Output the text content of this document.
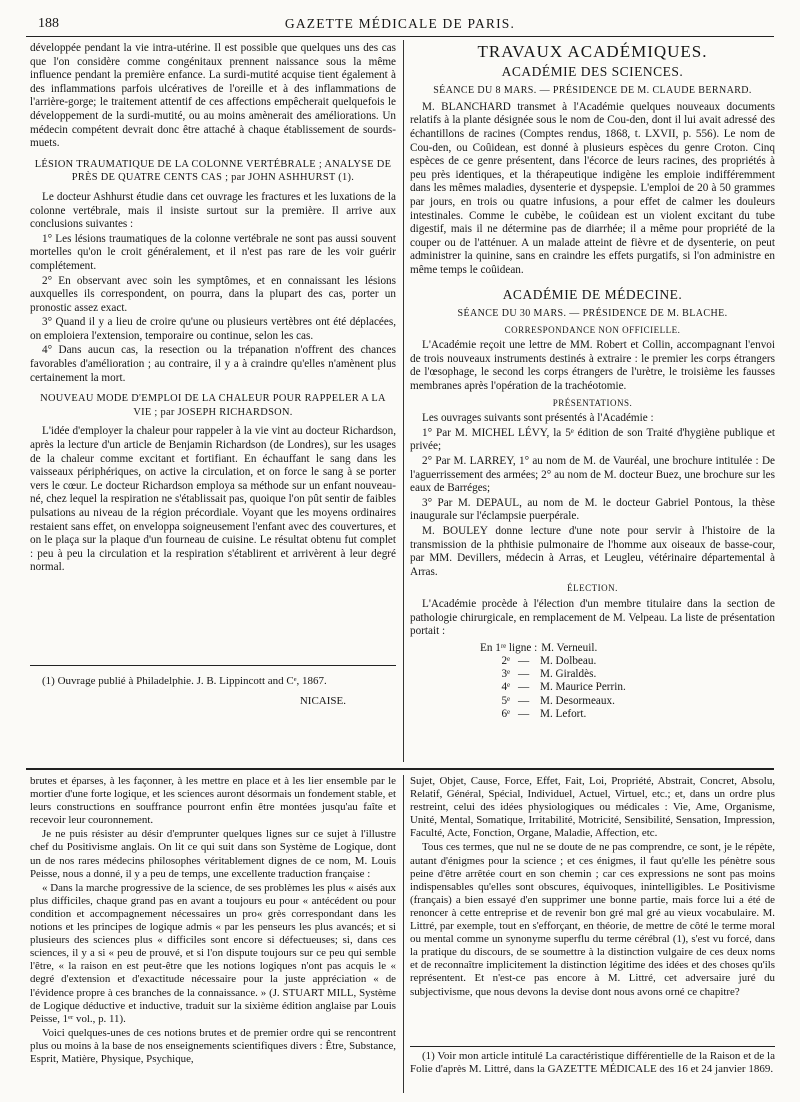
188	GAZETTE MÉDICALE DE PARIS.

développée pendant la vie intra-utérine. Il est possible que quelques uns des cas que l'on considère comme congénitaux prennent naissance sous la même influence pendant la première enfance. La surdi-mutité acquise tient également à des inflammations parfois ulcératives de l'oreille et à des inflammations de l'arrière-gorge; le traitement attentif de ces affections empêcherait quelquefois le développement de la surdi-mutité, ou au moins amènerait des améliorations. Un médecin compétent devrait donc être attaché à chaque établissement de sourds-muets.

LÉSION TRAUMATIQUE DE LA COLONNE VERTÉBRALE ; ANALYSE DE PRÈS DE QUATRE CENTS CAS ; par JOHN ASHHURST (1).

Le docteur Ashhurst étudie dans cet ouvrage les fractures et les luxations de la colonne vertébrale, mais il insiste surtout sur la première. Il arrive aux conclusions suivantes :

1° Les lésions traumatiques de la colonne vertébrale ne sont pas aussi souvent mortelles qu'on le croit généralement, et il n'est pas rare de les voir guérir complétement.

2° En observant avec soin les symptômes, et en connaissant les lésions auxquelles ils correspondent, on pourra, dans la plupart des cas, porter un pronostic assez exact.

3° Quand il y a lieu de croire qu'une ou plusieurs vertèbres ont été déplacées, on emploiera l'extension, temporaire ou continue, selon les cas.

4° Dans aucun cas, la resection ou la trépanation n'offrent des chances favorables d'amélioration ; au contraire, il y a à craindre qu'elles n'amènent plus certainement la mort.

NOUVEAU MODE D'EMPLOI DE LA CHALEUR POUR RAPPELER A LA VIE ; par JOSEPH RICHARDSON.

L'idée d'employer la chaleur pour rappeler à la vie vint au docteur Richardson, après la lecture d'un article de Benjamin Richardson (de Londres), sur les usages de la chaleur comme excitant et fortifiant. En échauffant le sang dans les vaisseaux périphériques, on active la circulation, et on force le sang à se porter vers le cœur. Le docteur Richardson employa sa méthode sur un enfant nouveau-né, chez lequel la respiration ne s'établissait pas, quoique l'on pût sentir de faibles pulsations au niveau de la région précordiale. Voyant que les moyens ordinaires restaient sans effet, on enveloppa soigneusement l'enfant avec des couvertures, et on le plaça sur la plaque d'un fourneau de cuisine. Le résultat obtenu fut complet : peu à peu la circulation et la respiration s'établirent et arrivèrent à leur degré normal.

(1) Ouvrage publié à Philadelphie. J. B. Lippincott and Cᵉ, 1867.

NICAISE.

TRAVAUX ACADÉMIQUES.

ACADÉMIE DES SCIENCES.

SÉANCE DU 8 MARS. — PRÉSIDENCE DE M. CLAUDE BERNARD.

M. BLANCHARD transmet à l'Académie quelques nouveaux documents relatifs à la plante désignée sous le nom de Cou-den, dont il lui avait adressé des échantillons de racines (Comptes rendus, 1868, t. LXVII, p. 556). Le nom de Cou-den, ou Coûidean, est donné à plusieurs espèces du genre Croton. Cinq espèces de ce genre présentent, dans l'écorce de leurs racines, des propriétés à peu près identiques, et la thérapeutique indigène les emploie indifféremment dans les mêmes maladies, dysenterie et dyspepsie. L'emploi de 20 à 50 grammes par jours, en trois ou quatre infusions, a pour effet de calmer les douleurs intestinales. Comme le cubèbe, le coûidean est un violent excitant du tube digestif, mais il ne détermine pas de diarrhée; il a même pour propriété de la couper ou de l'atténuer. A un malade atteint de fièvre et de dysenterie, on peut administrer la quinine, sans en craindre les effets purgatifs, si l'on administre en même temps le coûidean.

ACADÉMIE DE MÉDECINE.

SÉANCE DU 30 MARS. — PRÉSIDENCE DE M. BLACHE.

CORRESPONDANCE NON OFFICIELLE.

L'Académie reçoit une lettre de MM. Robert et Collin, accompagnant l'envoi de trois nouveaux instruments destinés à extraire : le premier les corps étrangers de l'œsophage, le second les corps étrangers de l'urètre, le troisième les fausses membranes après l'opération de la trachéotomie.

PRÉSENTATIONS.

Les ouvrages suivants sont présentés à l'Académie :

1° Par M. MICHEL LÉVY, la 5ᵉ édition de son Traité d'hygiène publique et privée;

2° Par M. LARREY, 1° au nom de M. de Vauréal, une brochure intitulée : De l'aguerrissement des armées; 2° au nom de M. docteur Buez, une brochure sur les eaux de Barréges;

3° Par M. DEPAUL, au nom de M. le docteur Gabriel Pontous, la thèse inaugurale sur l'éclampsie puerpérale.

M. BOULEY donne lecture d'une note pour servir à l'histoire de la transmission de la phthisie pulmonaire de l'homme aux oiseaux de basse-cour, par MM. Devillers, médecin à Arras, et Leugleu, vétérinaire départemental à Arras.

ÉLECTION.

L'Académie procède à l'élection d'un membre titulaire dans la section de pathologie chirurgicale, en remplacement de M. Velpeau. La liste de présentation portait :

En 1ʳᵉ ligne : M. Verneuil.
2ᵉ — M. Dolbeau.
3ᵉ — M. Giraldès.
4ᵉ — M. Maurice Perrin.
5ᵉ — M. Desormeaux.
6ᵉ — M. Lefort.

brutes et éparses, à les façonner, à les mettre en place et à les lier ensemble par le mortier d'une forte logique, et les sciences auront désormais un fondement stable, et leurs constructions en souffrance pourront enfin être montées jusqu'au faîte et recevoir leur couronnement.

Je ne puis résister au désir d'emprunter quelques lignes sur ce sujet à l'illustre chef du Positivisme anglais. On lit ce qui suit dans son Système de Logique, dont un de nos rares médecins philosophes véritablement dignes de ce nom, M. Louis Peisse, nous a donné, il y a peu de temps, une excellente traduction française :

« Dans la marche progressive de la science, de ses problèmes les plus « aisés aux plus difficiles, chaque grand pas en avant a toujours eu pour « antécédent ou pour condition et accompagnement nécessaires un pro« grès correspondant dans les notions et les principes de logique admis « par les penseurs les plus avancés; et si plusieurs des sciences plus « difficiles sont encore si défectueuses; si, dans ces sciences, il y a si « peu de prouvé, et si l'on dispute toujours sur ce peu qui semble l'être, « la raison en est peut-être que les notions logiques n'ont pas acquis le « degré d'extension et d'exactitude nécessaire pour la juste appréciation « de l'évidence propre à ces branches de la connaissance. » (J. STUART MILL, Système de Logique déductive et inductive, traduit sur la sixième édition anglaise par Louis Peisse, 1ᵉʳ vol., p. 11).

Voici quelques-unes de ces notions brutes et de premier ordre qui se rencontrent plus ou moins à la base de nos enseignements scientifiques divers : Être, Substance, Esprit, Matière, Physique, Psychique,

Sujet, Objet, Cause, Force, Effet, Fait, Loi, Propriété, Abstrait, Concret, Absolu, Relatif, Général, Spécial, Individuel, Actuel, Virtuel, etc.; et, dans un ordre plus restreint, celui des idées physiologiques ou médicales : Vie, Ame, Organisme, Unité, Mental, Somatique, Irritabilité, Motricité, Sensibilité, Sensation, Impression, Faculté, Acte, Fonction, Organe, Maladie, Affection, etc.

Tous ces termes, que nul ne se doute de ne pas comprendre, ce sont, je le répète, autant d'énigmes pour la science ; et ces énigmes, il faut qu'elle les pénètre sous peine d'être arrêtée court en son chemin ; car ces expressions ne sont pas moins indispensables qu'elles sont obscures, équivoques, inintelligibles. Le Positivisme (français) a bien essayé d'en supprimer une bonne partie, mais force lui a été de renoncer à cette entreprise et de revenir bon gré mal gré au vieux vocabulaire. M. Littré, par exemple, tout en s'efforçant, en théorie, de mettre de côté le terme moral ou mental comme un synonyme superflu du terme cérébral (1), s'est vu forcé, dans la pratique du discours, de se soumettre à la distinction vulgaire de ces deux noms et de reconnaître implicitement la distinction légitime des idées et des choses qu'ils représentent. Et n'est-ce pas encore à M. Littré, cet adversaire juré du subjectivisme, que nous devons la devise dont nous avons orné ce chapitre?

(1) Voir mon article intitulé La caractéristique différentielle de la Raison et de la Folie d'après M. Littré, dans la GAZETTE MÉDICALE des 16 et 24 janvier 1869.
